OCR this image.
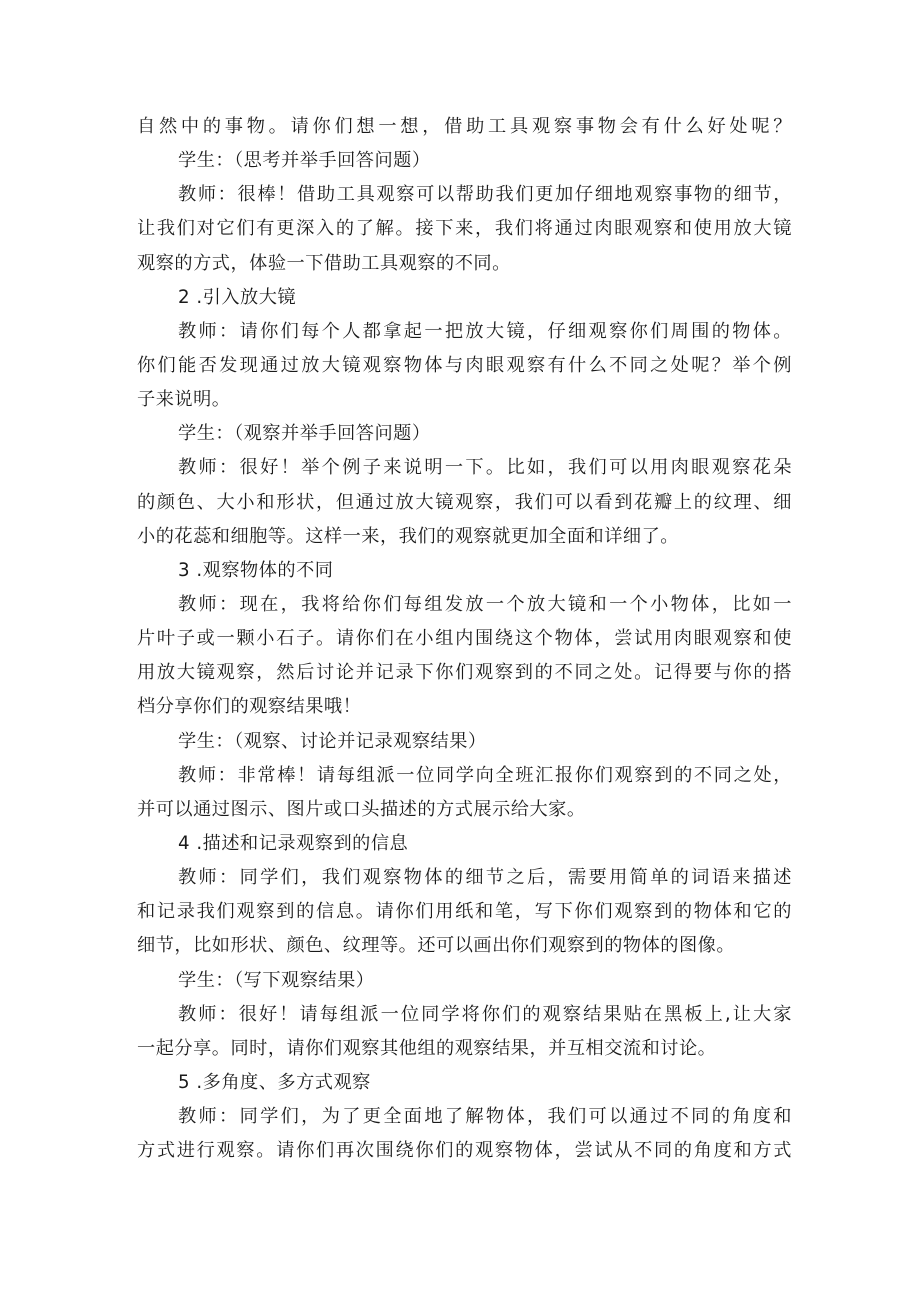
自然中的事物。请你们想一想，借助工具观察事物会有什么好处呢？
学生：（思考并举手回答问题）
教师：很棒！借助工具观察可以帮助我们更加仔细地观察事物的细节，
让我们对它们有更深入的了解。接下来，我们将通过肉眼观察和使用放大镜
观察的方式，体验一下借助工具观察的不同。
2 .引入放大镜
教师：请你们每个人都拿起一把放大镜，仔细观察你们周围的物体。
你们能否发现通过放大镜观察物体与肉眼观察有什么不同之处呢？举个例
子来说明。
学生：（观察并举手回答问题）
教师：很好！举个例子来说明一下。比如，我们可以用肉眼观察花朵
的颜色、大小和形状，但通过放大镜观察，我们可以看到花瓣上的纹理、细
小的花蕊和细胞等。这样一来，我们的观察就更加全面和详细了。
3 .观察物体的不同
教师：现在，我将给你们每组发放一个放大镜和一个小物体，比如一
片叶子或一颗小石子。请你们在小组内围绕这个物体，尝试用肉眼观察和使
用放大镜观察，然后讨论并记录下你们观察到的不同之处。记得要与你的搭
档分享你们的观察结果哦！
学生：（观察、讨论并记录观察结果）
教师：非常棒！请每组派一位同学向全班汇报你们观察到的不同之处，
并可以通过图示、图片或口头描述的方式展示给大家。
4 .描述和记录观察到的信息
教师：同学们，我们观察物体的细节之后，需要用简单的词语来描述
和记录我们观察到的信息。请你们用纸和笔，写下你们观察到的物体和它的
细节，比如形状、颜色、纹理等。还可以画出你们观察到的物体的图像。
学生：（写下观察结果）
教师：很好！请每组派一位同学将你们的观察结果贴在黑板上,让大家
一起分享。同时，请你们观察其他组的观察结果，并互相交流和讨论。
5 .多角度、多方式观察
教师：同学们，为了更全面地了解物体，我们可以通过不同的角度和
方式进行观察。请你们再次围绕你们的观察物体，尝试从不同的角度和方式
